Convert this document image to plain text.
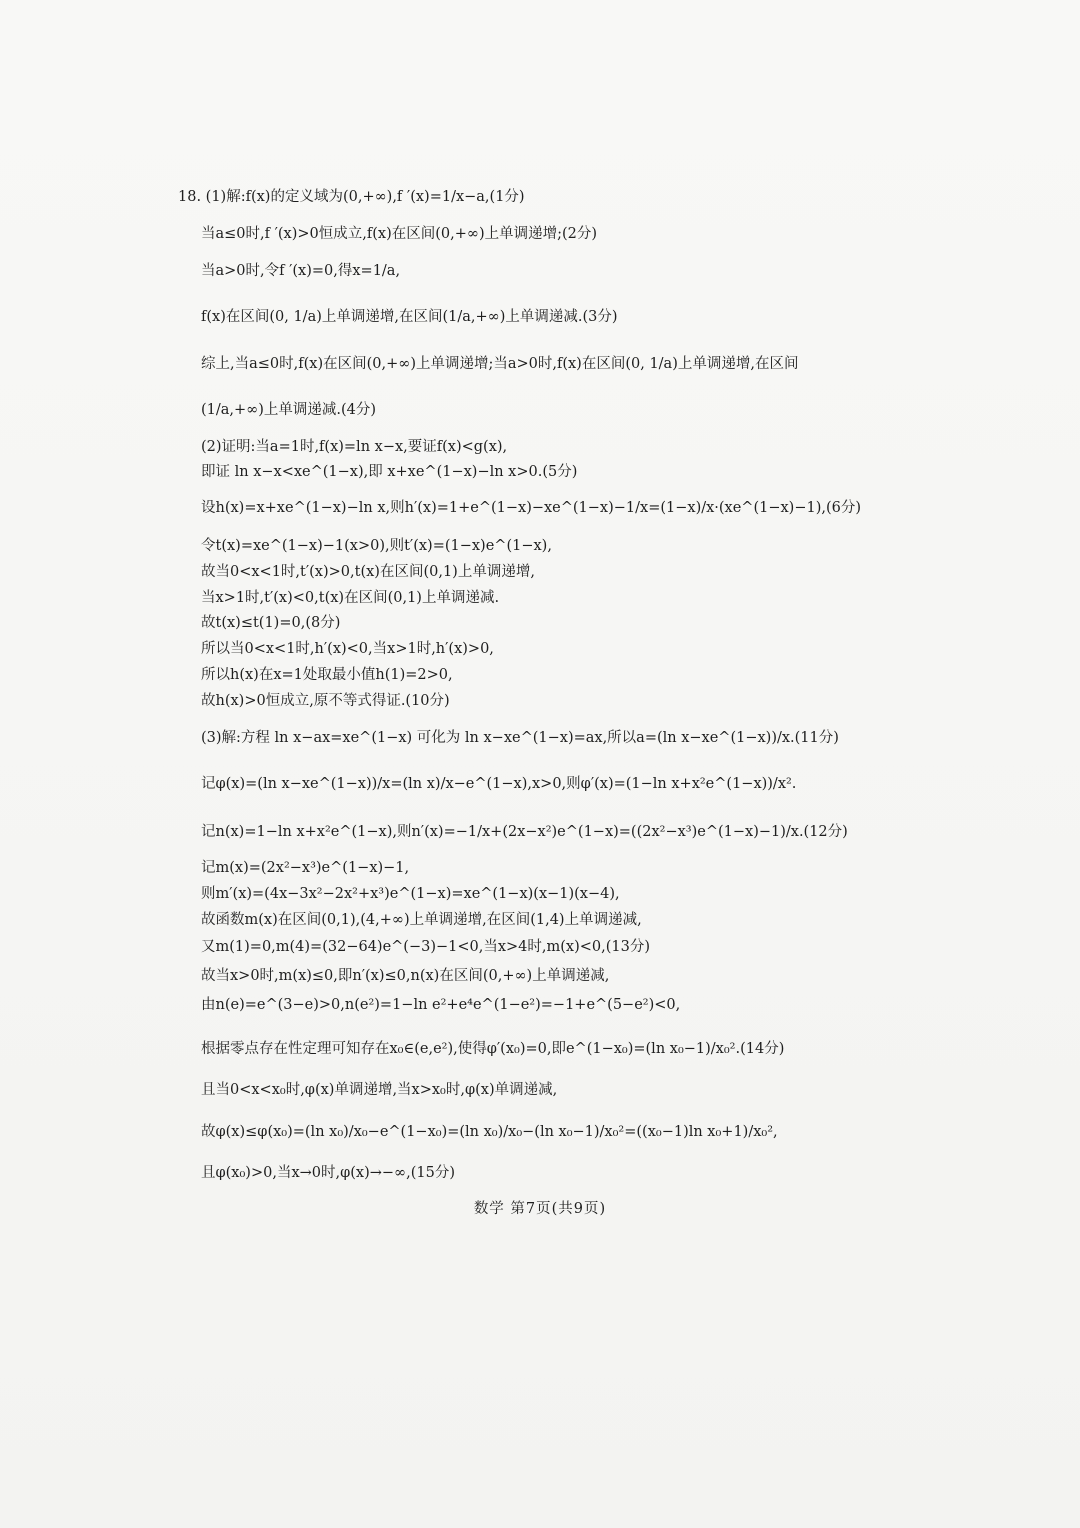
18. (1)解:f(x)的定义域为(0,+∞),f ′(x)=1/x−a,(1分)
当a≤0时,f ′(x)>0恒成立,f(x)在区间(0,+∞)上单调递增;(2分)
当a>0时,令f ′(x)=0,得x=1/a,
f(x)在区间(0, 1/a)上单调递增,在区间(1/a,+∞)上单调递减.(3分)
综上,当a≤0时,f(x)在区间(0,+∞)上单调递增;当a>0时,f(x)在区间(0, 1/a)上单调递增,在区间
(1/a,+∞)上单调递减.(4分)
(2)证明:当a=1时,f(x)=ln x−x,要证f(x)<g(x),
即证 ln x−x<xe^(1−x),即 x+xe^(1−x)−ln x>0.(5分)
设h(x)=x+xe^(1−x)−ln x,则h′(x)=1+e^(1−x)−xe^(1−x)−1/x=(1−x)/x·(xe^(1−x)−1),(6分)
令t(x)=xe^(1−x)−1(x>0),则t′(x)=(1−x)e^(1−x),
故当0<x<1时,t′(x)>0,t(x)在区间(0,1)上单调递增,
当x>1时,t′(x)<0,t(x)在区间(0,1)上单调递减.
故t(x)≤t(1)=0,(8分)
所以当0<x<1时,h′(x)<0,当x>1时,h′(x)>0,
所以h(x)在x=1处取最小值h(1)=2>0,
故h(x)>0恒成立,原不等式得证.(10分)
(3)解:方程 ln x−ax=xe^(1−x) 可化为 ln x−xe^(1−x)=ax,所以a=(ln x−xe^(1−x))/x.(11分)
记φ(x)=(ln x−xe^(1−x))/x=(ln x)/x−e^(1−x),x>0,则φ′(x)=(1−ln x+x²e^(1−x))/x².
记n(x)=1−ln x+x²e^(1−x),则n′(x)=−1/x+(2x−x²)e^(1−x)=((2x²−x³)e^(1−x)−1)/x.(12分)
记m(x)=(2x²−x³)e^(1−x)−1,
则m′(x)=(4x−3x²−2x²+x³)e^(1−x)=xe^(1−x)(x−1)(x−4),
故函数m(x)在区间(0,1),(4,+∞)上单调递增,在区间(1,4)上单调递减,
又m(1)=0,m(4)=(32−64)e^(−3)−1<0,当x>4时,m(x)<0,(13分)
故当x>0时,m(x)≤0,即n′(x)≤0,n(x)在区间(0,+∞)上单调递减,
由n(e)=e^(3−e)>0,n(e²)=1−ln e²+e⁴e^(1−e²)=−1+e^(5−e²)<0,
根据零点存在性定理可知存在x₀∈(e,e²),使得φ′(x₀)=0,即e^(1−x₀)=(ln x₀−1)/x₀².(14分)
且当0<x<x₀时,φ(x)单调递增,当x>x₀时,φ(x)单调递减,
故φ(x)≤φ(x₀)=(ln x₀)/x₀−e^(1−x₀)=(ln x₀)/x₀−(ln x₀−1)/x₀²=((x₀−1)ln x₀+1)/x₀²,
且φ(x₀)>0,当x→0时,φ(x)→−∞,(15分)
数学 第7页(共9页)
